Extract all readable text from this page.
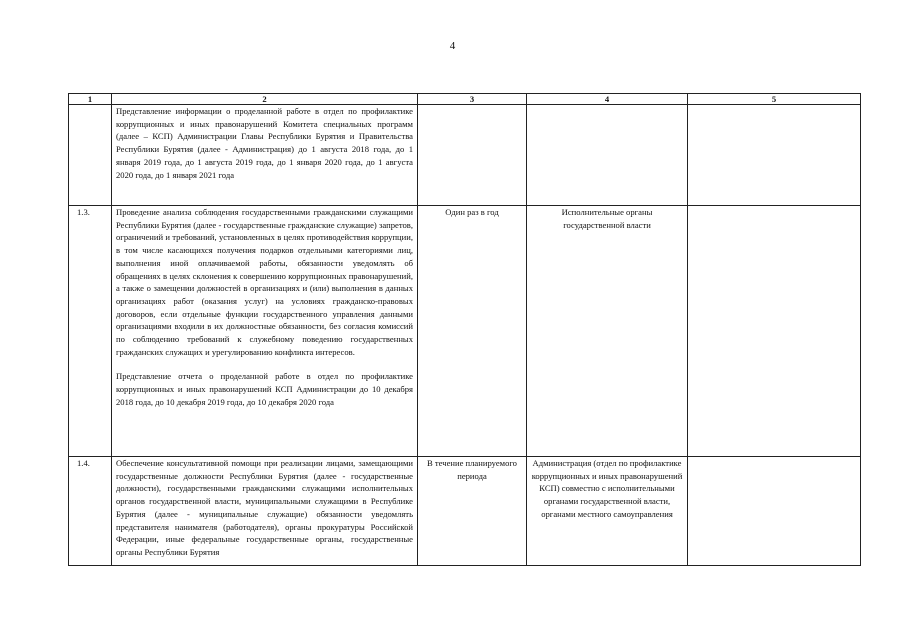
4
1	2	3	4	5

	Представление информации о проделанной работе в отдел по профилактике коррупционных и иных правонарушений Комитета специальных программ (далее – КСП) Администрации Главы Республики Бурятия и Правительства Республики Бурятия (далее - Администрация) до 1 августа 2018 года, до 1 января 2019 года, до 1 августа 2019 года, до 1 января 2020 года, до 1 августа 2020 года, до 1 января 2021 года			

1.3.	Проведение анализа соблюдения государственными гражданскими служащими Республики Бурятия (далее - государственные гражданские служащие) запретов, ограничений и требований, установленных в целях противодействия коррупции, в том числе касающихся получения подарков отдельными категориями лиц, выполнения иной оплачиваемой работы, обязанности уведомлять об обращениях в целях склонения к совершению коррупционных правонарушений, а также о замещении должностей в организациях и (или) выполнения в данных организациях работ (оказания услуг) на условиях гражданско-правовых договоров, если отдельные функции государственного управления данными организациями входили в их должностные обязанности, без согласия комиссий по соблюдению требований к служебному поведению государственных гражданских служащих и урегулированию конфликта интересов.

Представление отчета о проделанной работе в отдел по профилактике коррупционных и иных правонарушений КСП Администрации до 10 декабря 2018 года, до 10 декабря 2019 года, до 10 декабря 2020 года	Один раз в год	Исполнительные органы государственной власти	
1.4.	Обеспечение консультативной помощи при реализации лицами, замещающими государственные должности Республики Бурятия (далее - государственные должности), государственными гражданскими служащими исполнительных органов государственной власти, муниципальными служащими в Республике Бурятия (далее - муниципальные служащие) обязанности уведомлять представителя нанимателя (работодателя), органы прокуратуры Российской Федерации, иные федеральные государственные органы, государственные органы Республики Бурятия	В течение планируемого периода	Администрация (отдел по профилактике коррупционных и иных правонарушений КСП) совместно с исполнительными органами государственной власти, органами местного самоуправления	
